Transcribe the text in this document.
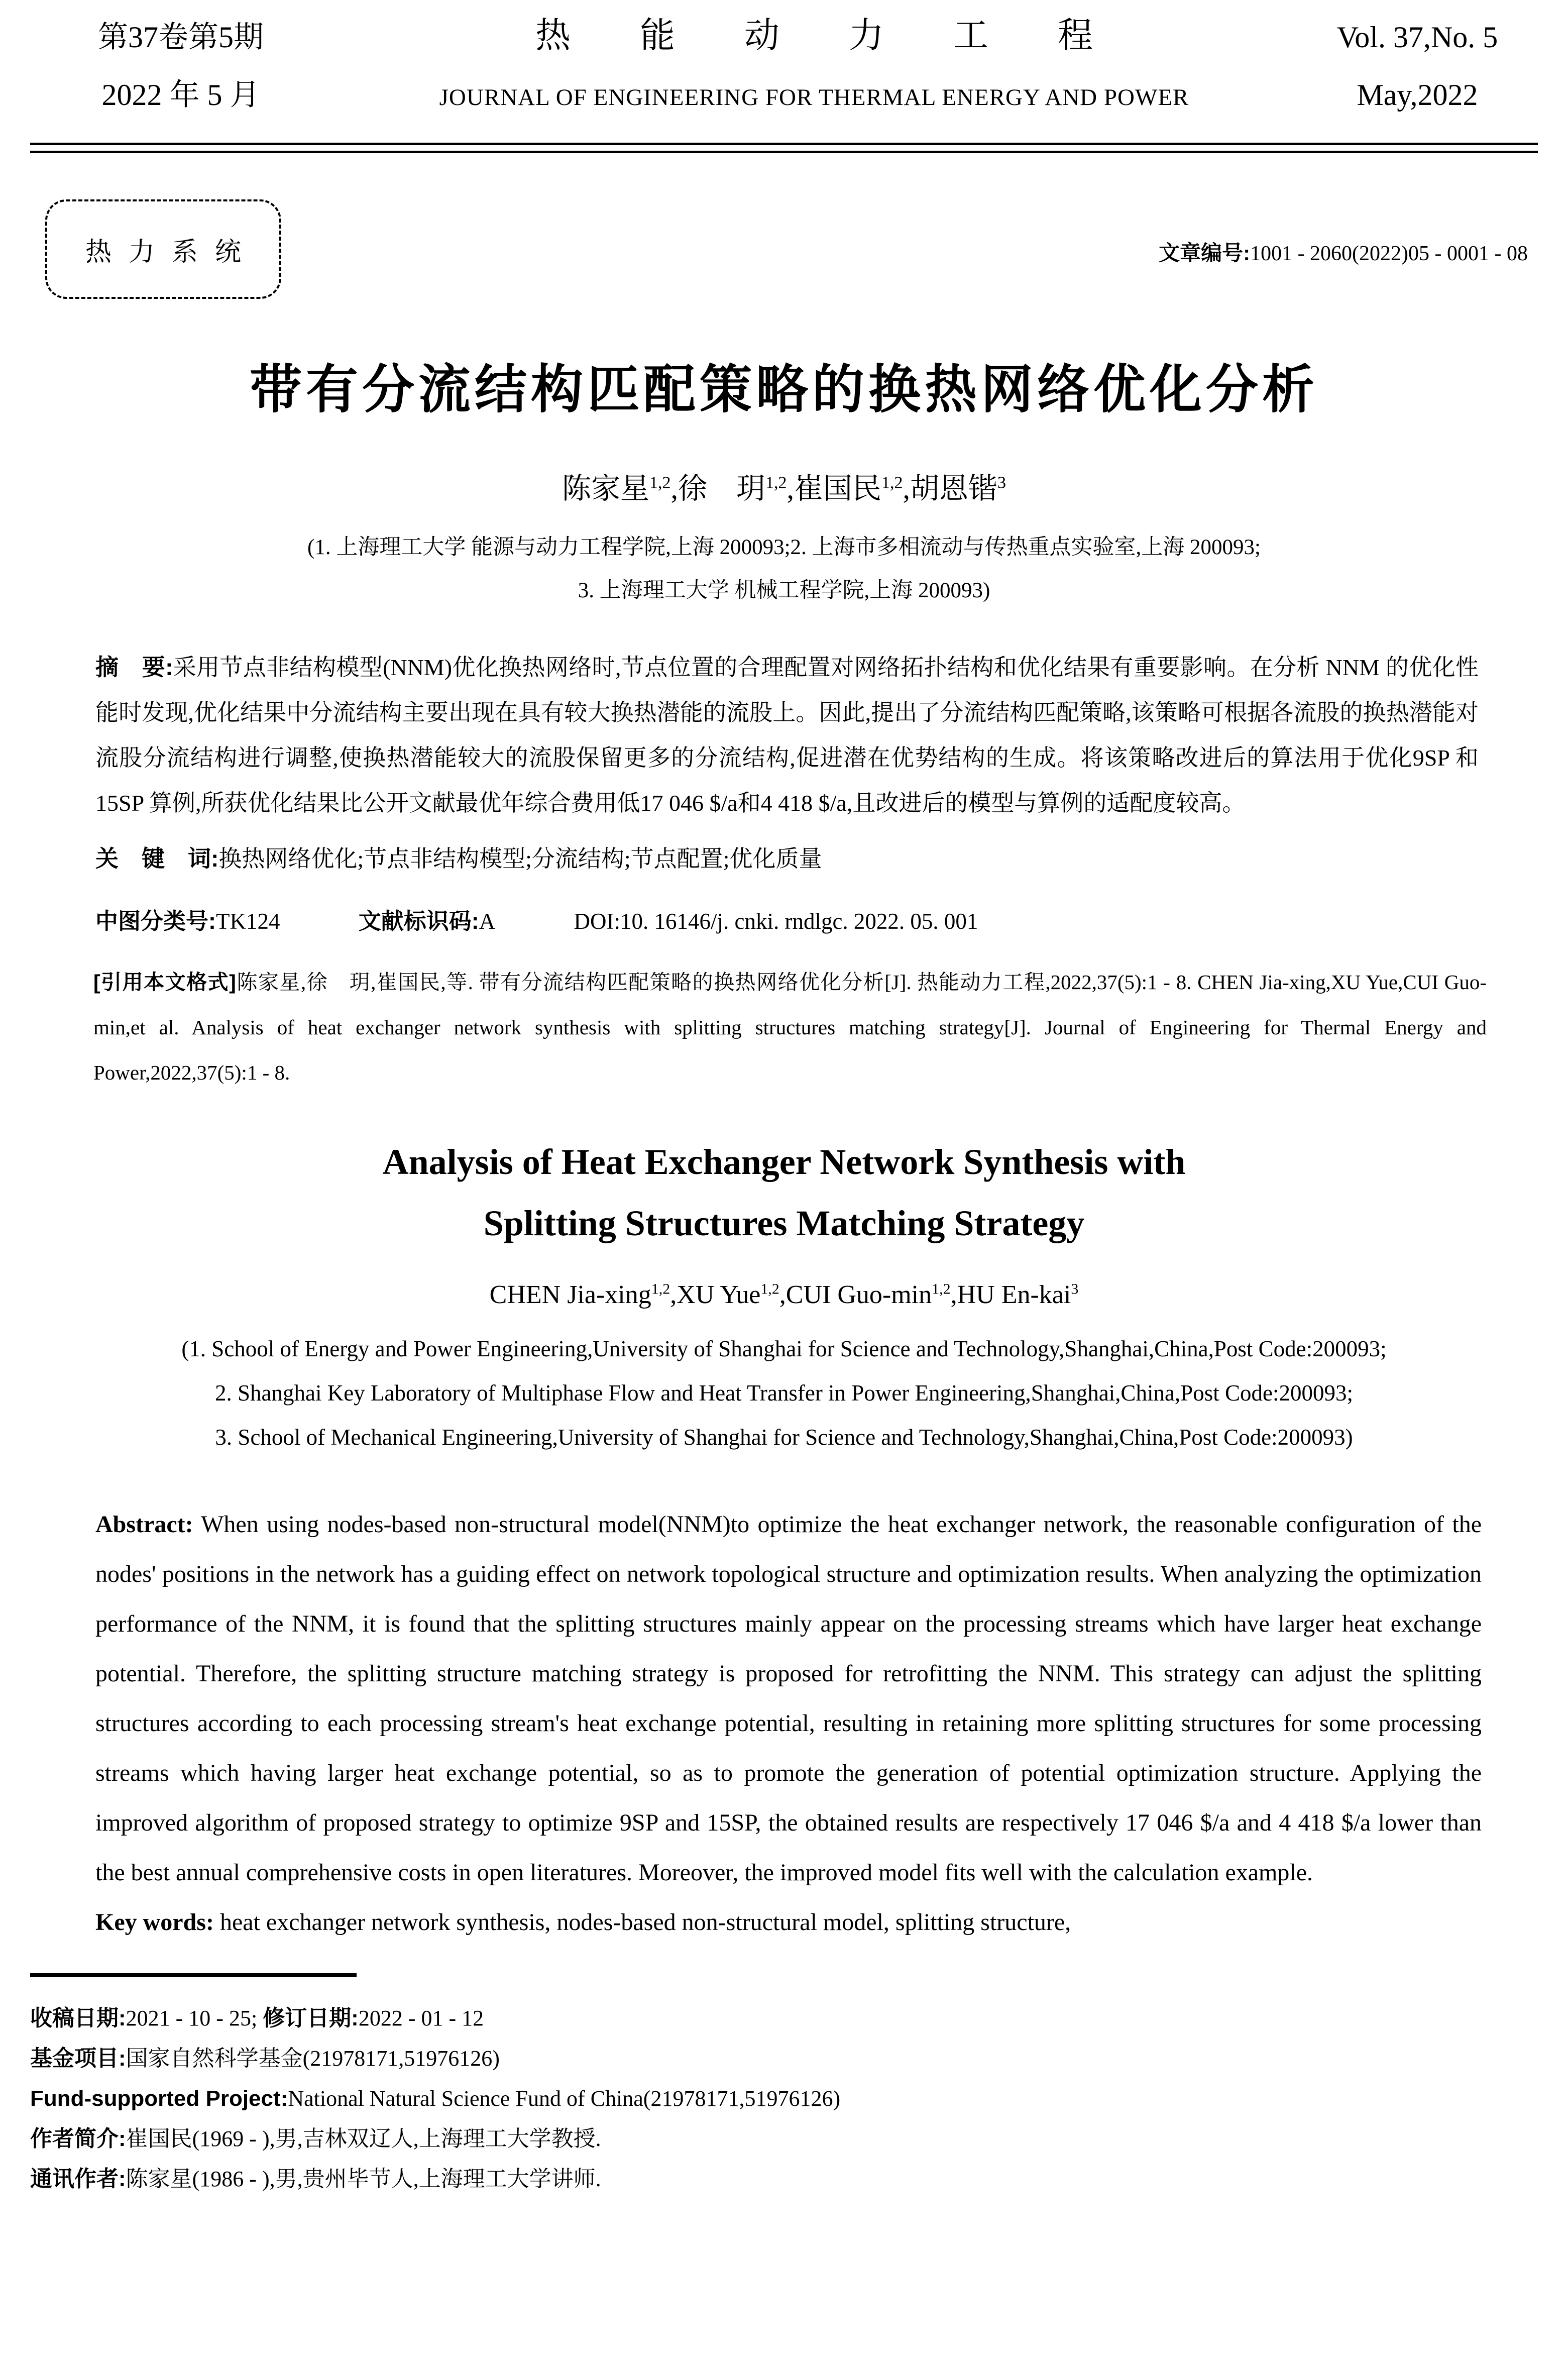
第37卷第5期	热能动力工程	Vol. 37,No. 5
2022 年 5 月	JOURNAL OF ENGINEERING FOR THERMAL ENERGY AND POWER	May,2022
热力系统	文章编号:1001 - 2060(2022)05 - 0001 - 08
带有分流结构匹配策略的换热网络优化分析
陈家星$^{1,2}$,徐　玥$^{1,2}$,崔国民$^{1,2}$,胡恩锴$^3$
(1. 上海理工大学 能源与动力工程学院,上海 200093;2. 上海市多相流动与传热重点实验室,上海 200093;
3. 上海理工大学 机械工程学院,上海 200093)
摘　要:采用节点非结构模型(NNM)优化换热网络时,节点位置的合理配置对网络拓扑结构和优化结果有重要影响。在分析 NNM 的优化性能时发现,优化结果中分流结构主要出现在具有较大换热潜能的流股上。因此,提出了分流结构匹配策略,该策略可根据各流股的换热潜能对流股分流结构进行调整,使换热潜能较大的流股保留更多的分流结构,促进潜在优势结构的生成。将该策略改进后的算法用于优化9SP 和 15SP 算例,所获优化结果比公开文献最优年综合费用低17 046 $/a和4 418 $/a,且改进后的模型与算例的适配度较高。
关　键　词:换热网络优化;节点非结构模型;分流结构;节点配置;优化质量
中图分类号:TK124	文献标识码:A	DOI:10. 16146/j. cnki. rndlgc. 2022. 05. 001
[引用本文格式]陈家星,徐　玥,崔国民,等. 带有分流结构匹配策略的换热网络优化分析[J]. 热能动力工程,2022,37(5):1 - 8. CHEN Jia-xing,XU Yue,CUI Guo-min,et al. Analysis of heat exchanger network synthesis with splitting structures matching strategy[J]. Journal of Engineering for Thermal Energy and Power,2022,37(5):1 - 8.
Analysis of Heat Exchanger Network Synthesis with
Splitting Structures Matching Strategy
CHEN Jia-xing$^{1,2}$,XU Yue$^{1,2}$,CUI Guo-$\min^{1,2},HU$ En-kai$^3$
(1. School of Energy and Power Engineering,University of Shanghai for Science and Technology,Shanghai,China,Post Code:200093;
2. Shanghai Key Laboratory of Multiphase Flow and Heat Transfer in Power Engineering,Shanghai,China,Post Code:200093;
3. School of Mechanical Engineering,University of Shanghai for Science and Technology,Shanghai,China,Post Code:200093)
Abstract: When using nodes-based non-structural model(NNM)to optimize the heat exchanger network, the reasonable configuration of the nodes' positions in the network has a guiding effect on network topological structure and optimization results. When analyzing the optimization performance of the NNM, it is found that the splitting structures mainly appear on the processing streams which have larger heat exchange potential. Therefore, the splitting structure matching strategy is proposed for retrofitting the NNM. This strategy can adjust the splitting structures according to each processing stream's heat exchange potential, resulting in retaining more splitting structures for some processing streams which having larger heat exchange potential, so as to promote the generation of potential optimization structure. Applying the improved algorithm of proposed strategy to optimize 9SP and 15SP, the obtained results are respectively 17 046 $/a and 4 418 $/a lower than the best annual comprehensive costs in open literatures. Moreover, the improved model fits well with the calculation example.
Key words: heat exchanger network synthesis, nodes-based non-structural model, splitting structure,
收稿日期:2021 - 10 - 25; 修订日期:2022 - 01 - 12
基金项目:国家自然科学基金(21978171,51976126)
Fund-supported Project:National Natural Science Fund of China(21978171,51976126)
作者简介:崔国民(1969 - ),男,吉林双辽人,上海理工大学教授.
通讯作者:陈家星(1986 - ),男,贵州毕节人,上海理工大学讲师.
